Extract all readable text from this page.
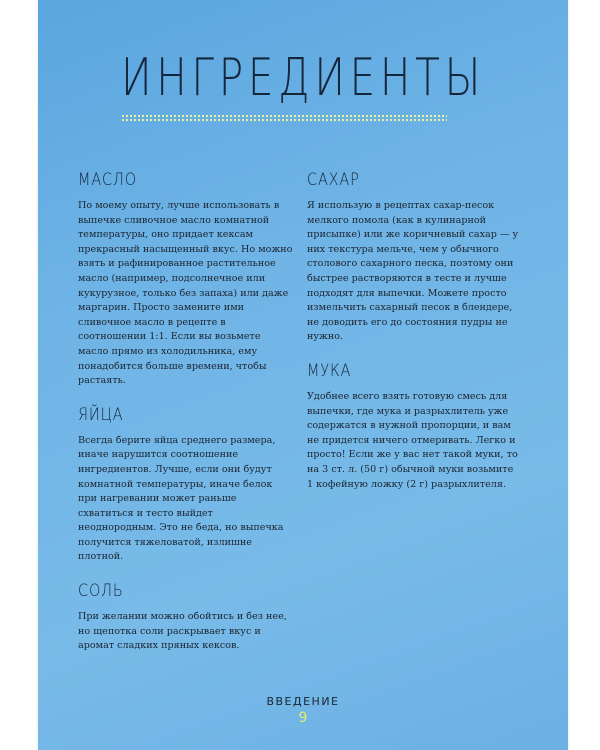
ИНГРЕДИЕНТЫ
МАСЛО

По моему опыту, лучше использовать в выпечке сливочное масло комнатной температуры, оно придает кексам прекрасный насыщенный вкус. Но можно взять и рафинированное растительное масло (например, подсолнечное или кукурузное, только без запаха) или даже маргарин. Просто замените ими сливочное масло в рецепте в соотношении 1:1. Если вы возьмете масло прямо из холодильника, ему понадобится больше времени, чтобы растаять.

ЯЙЦА

Всегда берите яйца среднего размера, иначе нарушится соотношение ингредиентов. Лучше, если они будут комнатной температуры, иначе белок при нагревании может раньше схватиться и тесто выйдет неоднородным. Это не беда, но выпечка получится тяжеловатой, излишне плотной.

СОЛЬ

При желании можно обойтись и без нее, но щепотка соли раскрывает вкус и аромат сладких пряных кексов.

САХАР

Я использую в рецептах сахар-песок мелкого помола (как в кулинарной присыпке) или же коричневый сахар — у них текстура мельче, чем у обычного столового сахарного песка, поэтому они быстрее растворяются в тесте и лучше подходят для выпечки. Можете просто измельчить сахарный песок в блендере, не доводить его до состояния пудры не нужно.

МУКА

Удобнее всего взять готовую смесь для выпечки, где мука и разрыхлитель уже содержатся в нужной пропорции, и вам не придется ничего отмеривать. Легко и просто! Если же у вас нет такой муки, то на 3 ст. л. (50 г) обычной муки возьмите 1 кофейную ложку (2 г) разрыхлителя.

ВВЕДЕНИЕ
9
